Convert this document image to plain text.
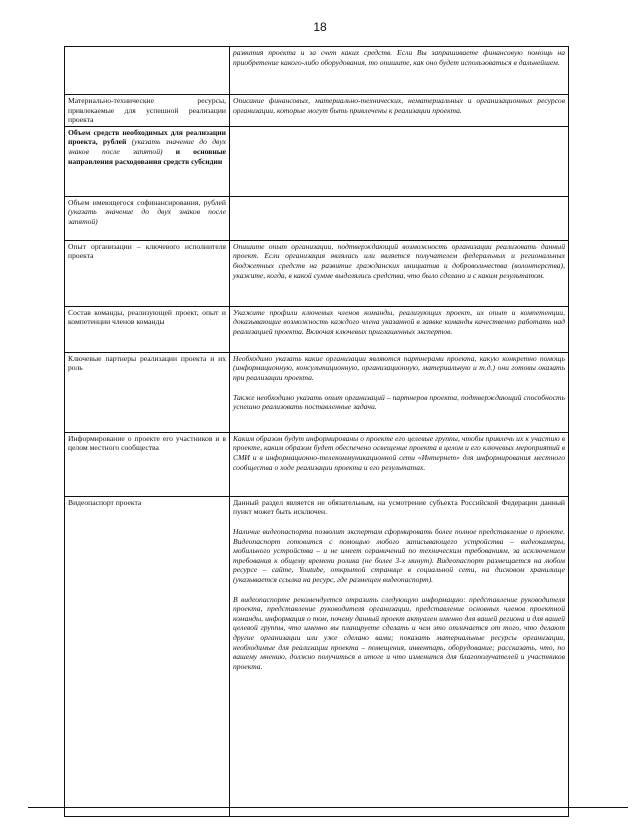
18

	развития проекта и за счет каких средств. Если Вы запрашиваете финансовую помощь на приобретение какого-либо оборудования, то опишите, как оно будет использоваться в дальнейшем.

Материально-технические ресурсы, привлекаемые для успешной реализации проекта	Описание финансовых, материально-технических, нематериальных и организационных ресурсов организации, которые могут быть привлечены к реализации проекта.

Объем средств необходимых для реализации проекта, рублей (указать значение до двух знаков после запятой) и основные направления расходования средств субсидии	
Объем имеющегося софинансирования, рублей (указать значение до двух знаков после запятой)	
Опыт организации – ключевого исполнителя проекта	Опишите опыт организации, подтверждающий возможность организации реализовать данный проект. Если организация являлась или является получателем федеральных и региональных бюджетных средств на развитие гражданских инициатив и добровольчества (волонтерства), укажите, когда, в какой сумме выделялись средства, что было сделано и с каким результатом.

Состав команды, реализующей проект, опыт и компетенции членов команды	Укажите профили ключевых членов команды, реализующих проект, их опыт и компетенции, доказывающие возможность каждого члена указанной в заявке команды качественно работать над реализацией проекта. Включая ключевых приглашенных экспертов.

Ключевые партнеры реализации проекта и их роль	Необходимо указать какие организации являются партнерами проекта, какую конкретно помощь (информационную, консультационную, организационную, материальную и т.д.) они готовы оказать при реализации проекта.

Также необходимо указать опыт организаций – партнеров проекта, подтверждающий способность успешно реализовать поставленные задачи.

Информирование о проекте его участников и в целом местного сообщества	Каким образом будут информированы о проекте его целевые группы, чтобы привлечь их к участию в проекте, каким образом будет обеспечено освещение проекта в целом и его ключевых мероприятий в СМИ и в информационно-телекоммуникационной сети «Интернет» для информирования местного сообщества о ходе реализации проекта и его результатах.

Видеопаспорт проекта	Данный раздел является не обязательным, на усмотрение субъекта Российской Федерации данный пункт может быть исключен.

Наличие видеопаспорта позволит экспертам сформировать более полное представление о проекте. Видеопаспорт готовится с помощью любого записывающего устройства – видеокамеры, мобильного устройства – и не имеет ограничений по техническим требованиям, за исключением требования к общему времени ролика (не более 3-х минут). Видеопаспорт размещается на любом ресурсе – сайте, Youtube, открытой странице в социальной сети, на дисковом хранилище (указывается ссылка на ресурс, где размещен видеопаспорт).

В видеопаспорте рекомендуется отразить следующую информацию: представление руководителя проекта, представление руководителя организации, представление основных членов проектной команды, информация о том, почему данный проект актуален именно для вашей региона и для вашей целевой группы, что именно вы планируете сделать и чем это отличается от того, что делают другие организации или уже сделано вами; показать материальные ресурсы организации, необходимые для реализации проекта – помещения, инвентарь, оборудование; рассказать, что, по вашему мнению, должно получиться в итоге и что изменится для благополучателей и участников проекта.
